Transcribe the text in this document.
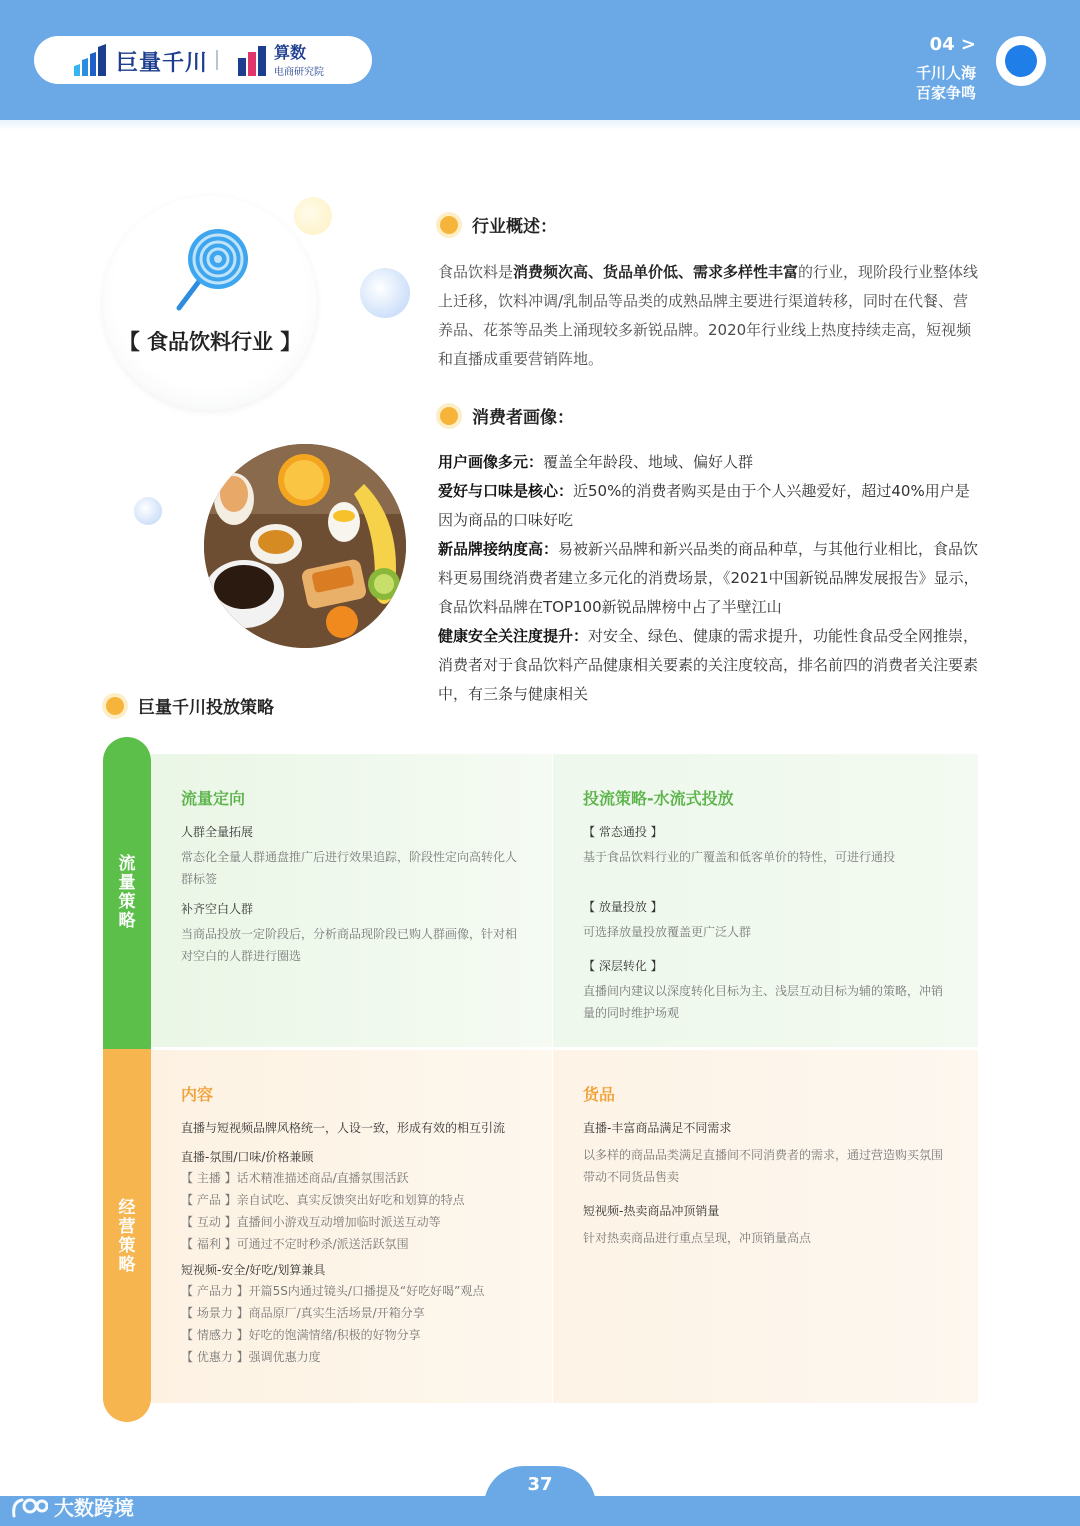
巨量千川	算数
电商研究院
04 >
千川人海
百家争鸣
【 食品饮料行业 】
行业概述：
食品饮料是消费频次高、货品单价低、需求多样性丰富的行业，现阶段行业整体线上迁移，饮料冲调/乳制品等品类的成熟品牌主要进行渠道转移，同时在代餐、营养品、花茶等品类上涌现较多新锐品牌。2020年行业线上热度持续走高，短视频和直播成重要营销阵地。
消费者画像：
用户画像多元：覆盖全年龄段、地域、偏好人群
爱好与口味是核心：近50%的消费者购买是由于个人兴趣爱好，超过40%用户是因为商品的口味好吃
新品牌接纳度高：易被新兴品牌和新兴品类的商品种草，与其他行业相比，食品饮料更易围绕消费者建立多元化的消费场景，《2021中国新锐品牌发展报告》显示，食品饮料品牌在TOP100新锐品牌榜中占了半壁江山
健康安全关注度提升：对安全、绿色、健康的需求提升，功能性食品受全网推崇，消费者对于食品饮料产品健康相关要素的关注度较高，排名前四的消费者关注要素中，有三条与健康相关
巨量千川投放策略
流
量
策
略
经
营
策
略
流量定向
人群全量拓展
常态化全量人群通盘推广后进行效果追踪，阶段性定向高转化人群标签
补齐空白人群
当商品投放一定阶段后，分析商品现阶段已购人群画像，针对相对空白的人群进行圈选
投流策略-水流式投放
【 常态通投 】
基于食品饮料行业的广覆盖和低客单价的特性，可进行通投
【 放量投放 】
可选择放量投放覆盖更广泛人群
【 深层转化 】
直播间内建议以深度转化目标为主、浅层互动目标为辅的策略，冲销量的同时维护场观
内容
直播与短视频品牌风格统一，人设一致，形成有效的相互引流
直播-氛围/口味/价格兼顾
【 主播 】话术精准描述商品/直播氛围活跃
【 产品 】亲自试吃、真实反馈突出好吃和划算的特点
【 互动 】直播间小游戏互动增加临时派送互动等
【 福利 】可通过不定时秒杀/派送活跃氛围
短视频-安全/好吃/划算兼具
【 产品力 】开篇5S内通过镜头/口播提及“好吃好喝”观点
【 场景力 】商品原厂/真实生活场景/开箱分享
【 情感力 】好吃的饱满情绪/积极的好物分享
【 优惠力 】强调优惠力度
货品
直播-丰富商品满足不同需求
以多样的商品品类满足直播间不同消费者的需求，通过营造购买氛围带动不同货品售卖
短视频-热卖商品冲顶销量
针对热卖商品进行重点呈现，冲顶销量高点
37
大数跨境
